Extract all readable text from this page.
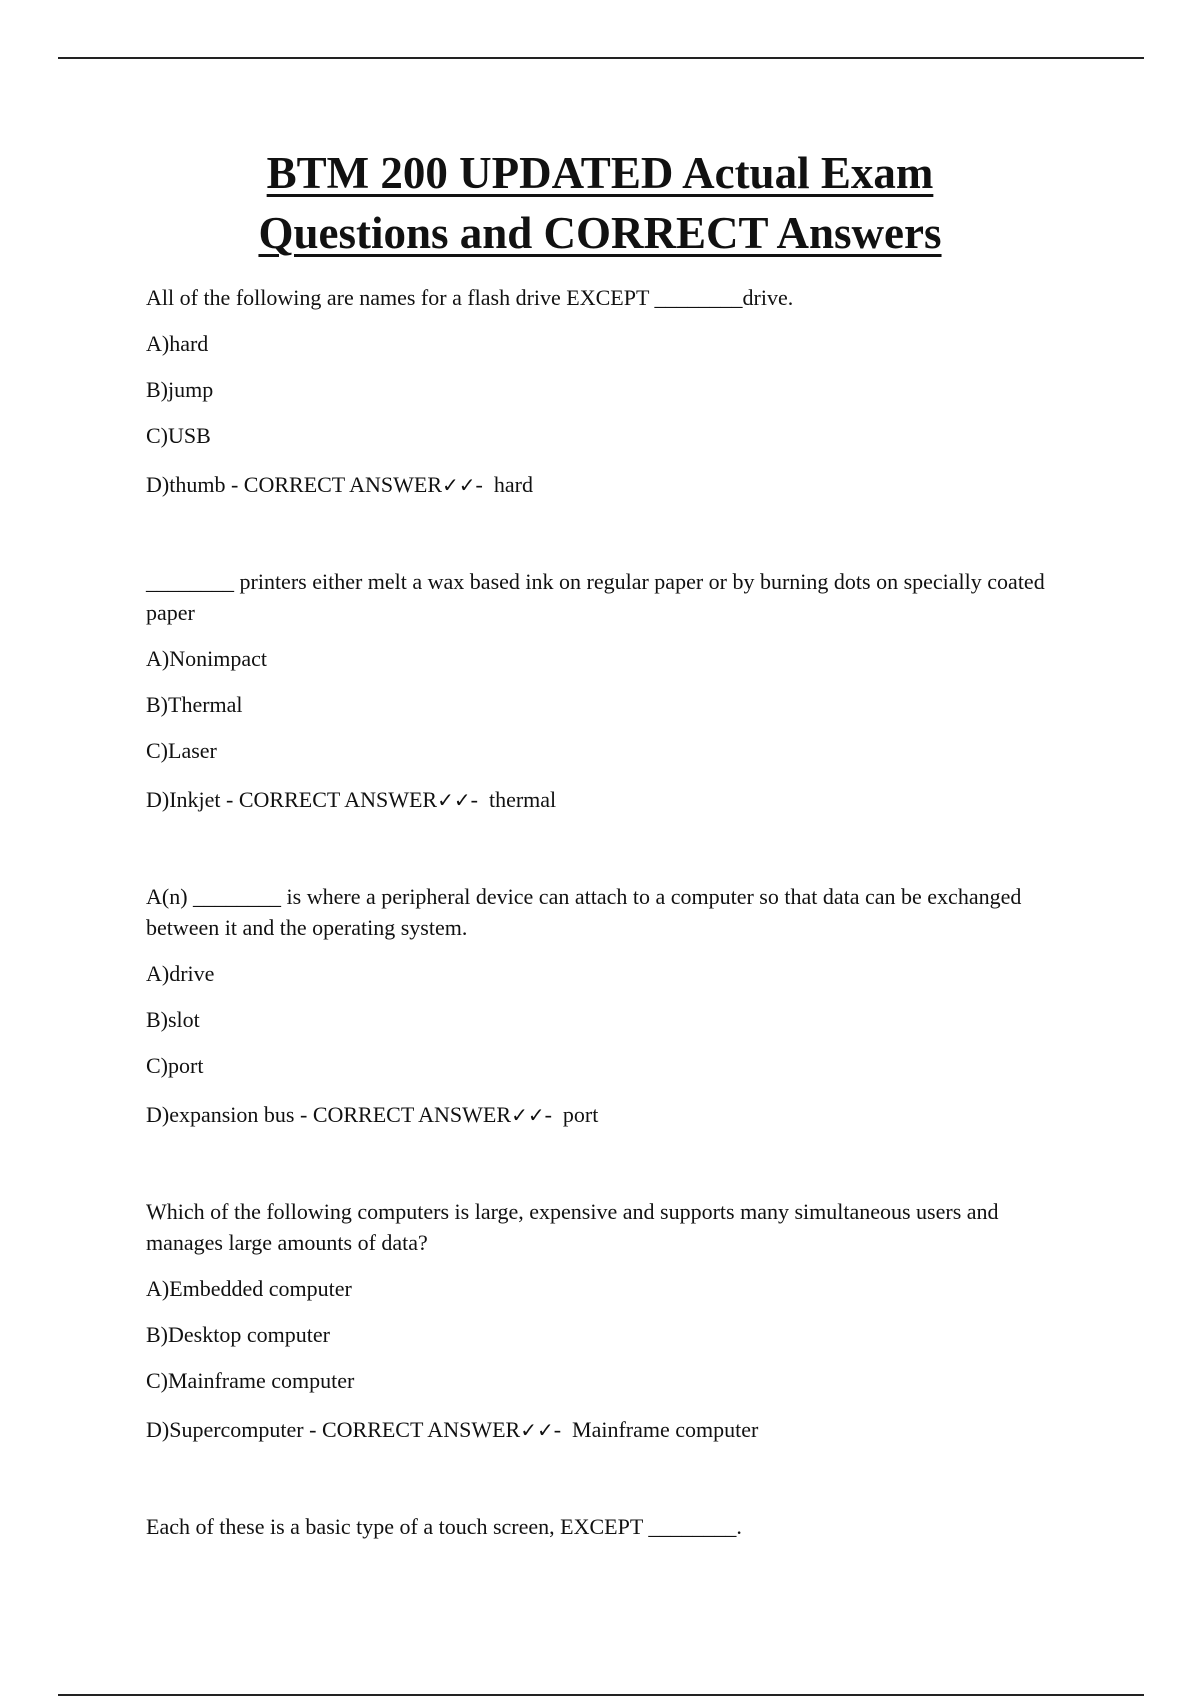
BTM 200 UPDATED Actual Exam
Questions and CORRECT Answers

All of the following are names for a flash drive EXCEPT ________drive.

A)hard

B)jump

C)USB

D)thumb - CORRECT ANSWER✓✓-  hard

________ printers either melt a wax based ink on regular paper or by burning dots on specially coated paper

A)Nonimpact

B)Thermal

C)Laser

D)Inkjet - CORRECT ANSWER✓✓-  thermal

A(n) ________ is where a peripheral device can attach to a computer so that data can be exchanged between it and the operating system.

A)drive

B)slot

C)port

D)expansion bus - CORRECT ANSWER✓✓-  port

Which of the following computers is large, expensive and supports many simultaneous users and manages large amounts of data?

A)Embedded computer

B)Desktop computer

C)Mainframe computer

D)Supercomputer - CORRECT ANSWER✓✓-  Mainframe computer

Each of these is a basic type of a touch screen, EXCEPT ________.
